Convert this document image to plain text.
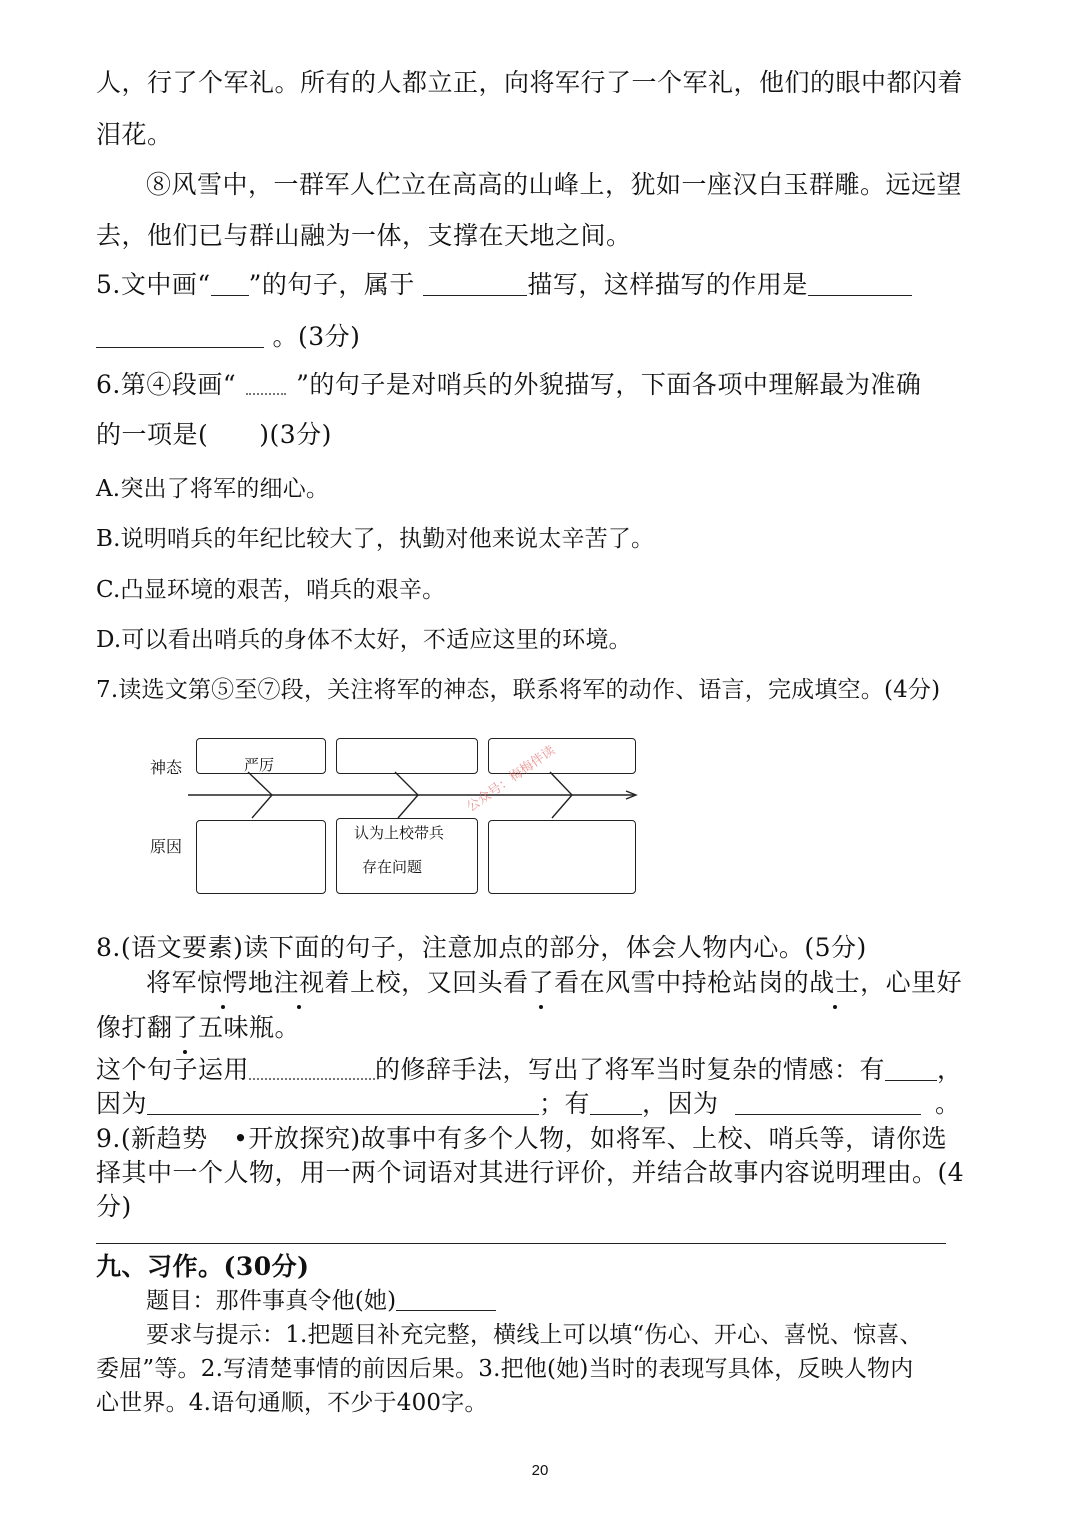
人，行了个军礼。所有的人都立正，向将军行了一个军礼，他们的眼中都闪着
泪花。
⑧风雪中，一群军人伫立在高高的山峰上，犹如一座汉白玉群雕。远远望
去，他们已与群山融为一体，支撑在天地之间。
5.文中画“ ”的句子，属于	描写，这样描写的作用是
。(3分)
6.第④段画“ ”的句子是对哨兵的外貌描写，下面各项中理解最为准确
的一项是(　　)(3分)
A.突出了将军的细心。
B.说明哨兵的年纪比较大了，执勤对他来说太辛苦了。
C.凸显环境的艰苦，哨兵的艰辛。
D.可以看出哨兵的身体不太好，不适应这里的环境。
7.读选文第⑤至⑦段，关注将军的神态，联系将军的动作、语言，完成填空。(4分)
神态
原因
严厉
认为上校带兵
存在问题
公众号：梅梅伴读
8.(语文要素)读下面的句子，注意加点的部分，体会人物内心。(5分)
将军惊愕地注视着上校，又回头看了看在风雪中持枪站岗的战士，心里好
像打翻了五味瓶。
这个句子运用	的修辞手法，写出了将军当时复杂的情感：有 ，
因为	；有 ，因为	。
9.(新趋势　•开放探究)故事中有多个人物，如将军、上校、哨兵等，请你选
择其中一个人物，用一两个词语对其进行评价，并结合故事内容说明理由。(4
分)
九、习作。(30分)
题目：那件事真令他(她)
要求与提示：1.把题目补充完整，横线上可以填“伤心、开心、喜悦、惊喜、
委屈”等。2.写清楚事情的前因后果。3.把他(她)当时的表现写具体，反映人物内
心世界。4.语句通顺，不少于400字。
20
